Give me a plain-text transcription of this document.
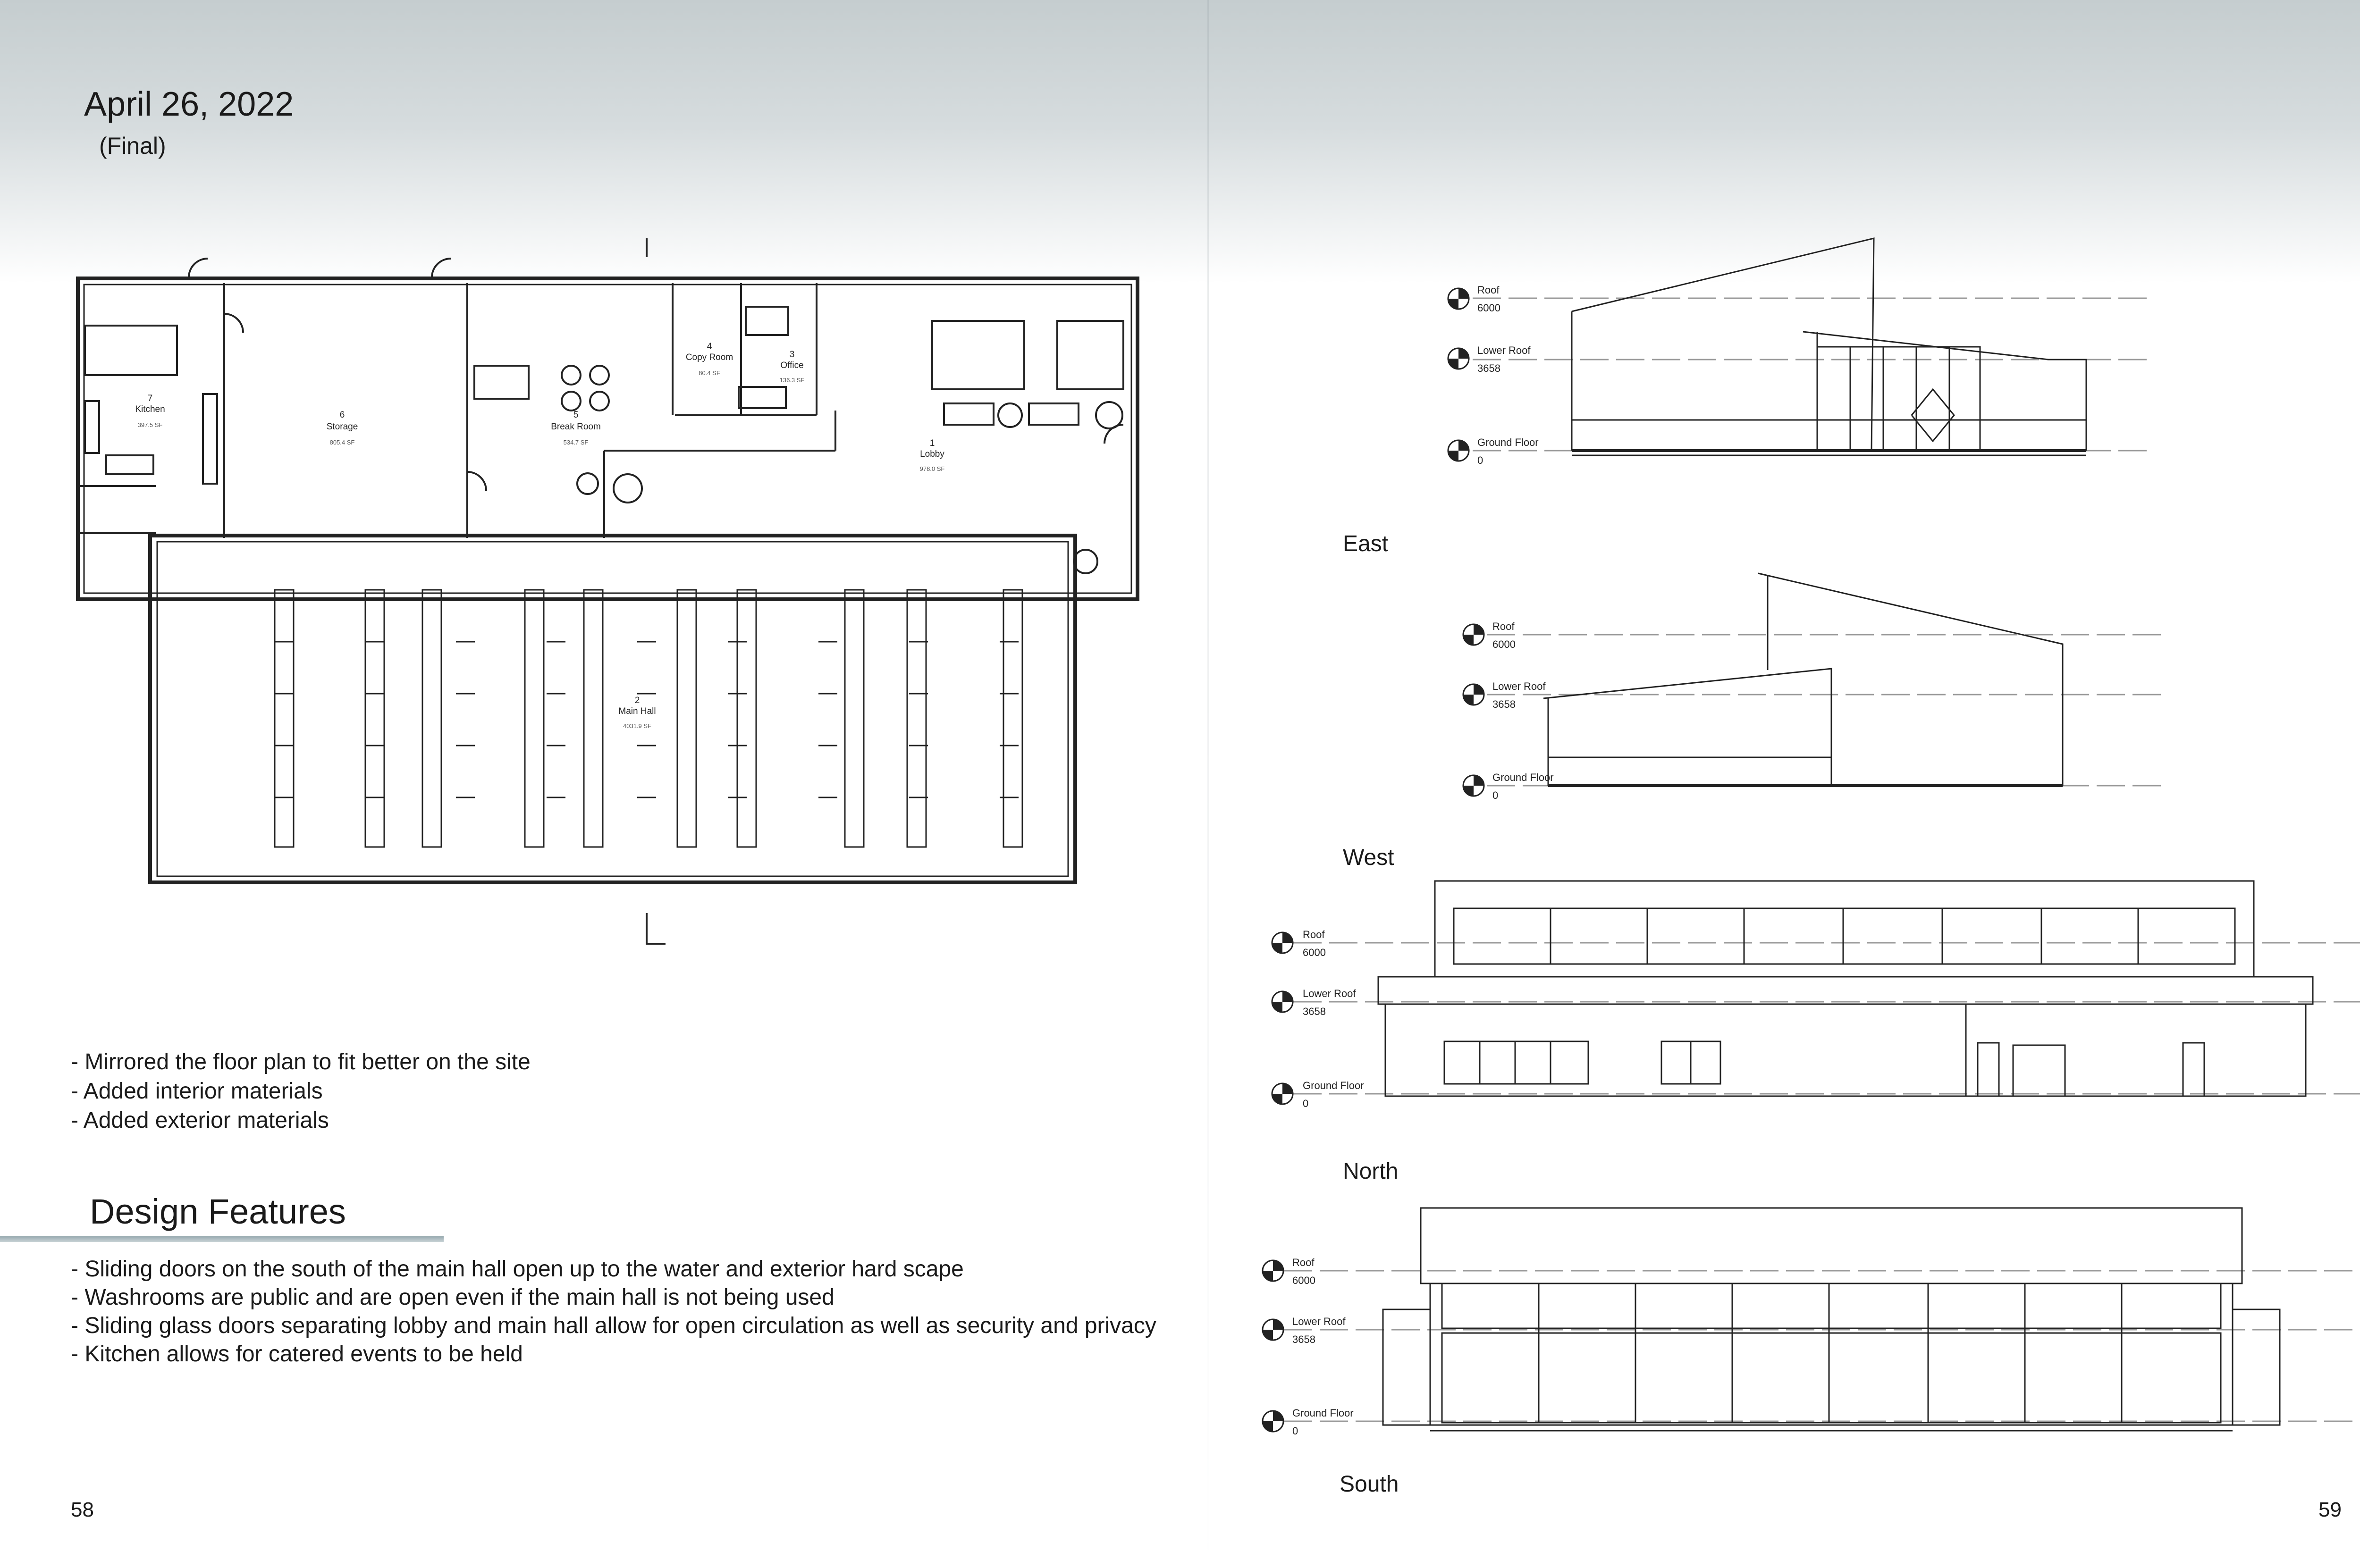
April 26, 2022
(Final)
7
Kitchen
397.5 SF
6
Storage
805.4 SF
5
Break Room
534.7 SF
4
Copy Room
80.4 SF
3
Office
136.3 SF
1
Lobby
978.0 SF
2
Main Hall
4031.9 SF
- Mirrored the floor plan to fit better on the site
- Added interior materials
- Added exterior materials
Design Features
- Sliding doors on the south of the main hall open up to the water and exterior hard scape
- Washrooms are public and are open even if the main hall is not being used
- Sliding glass doors separating lobby and main hall allow for open circulation as well as security and privacy
- Kitchen allows for catered events to be held
58
Roof
6000
Lower Roof
3658
Ground Floor
0
Roof
6000
Lower Roof
3658
Ground Floor
0
Roof
6000
Lower Roof
3658
Ground Floor
0
Roof
6000
Lower Roof
3658
Ground Floor
0
East
West
North
South
59
